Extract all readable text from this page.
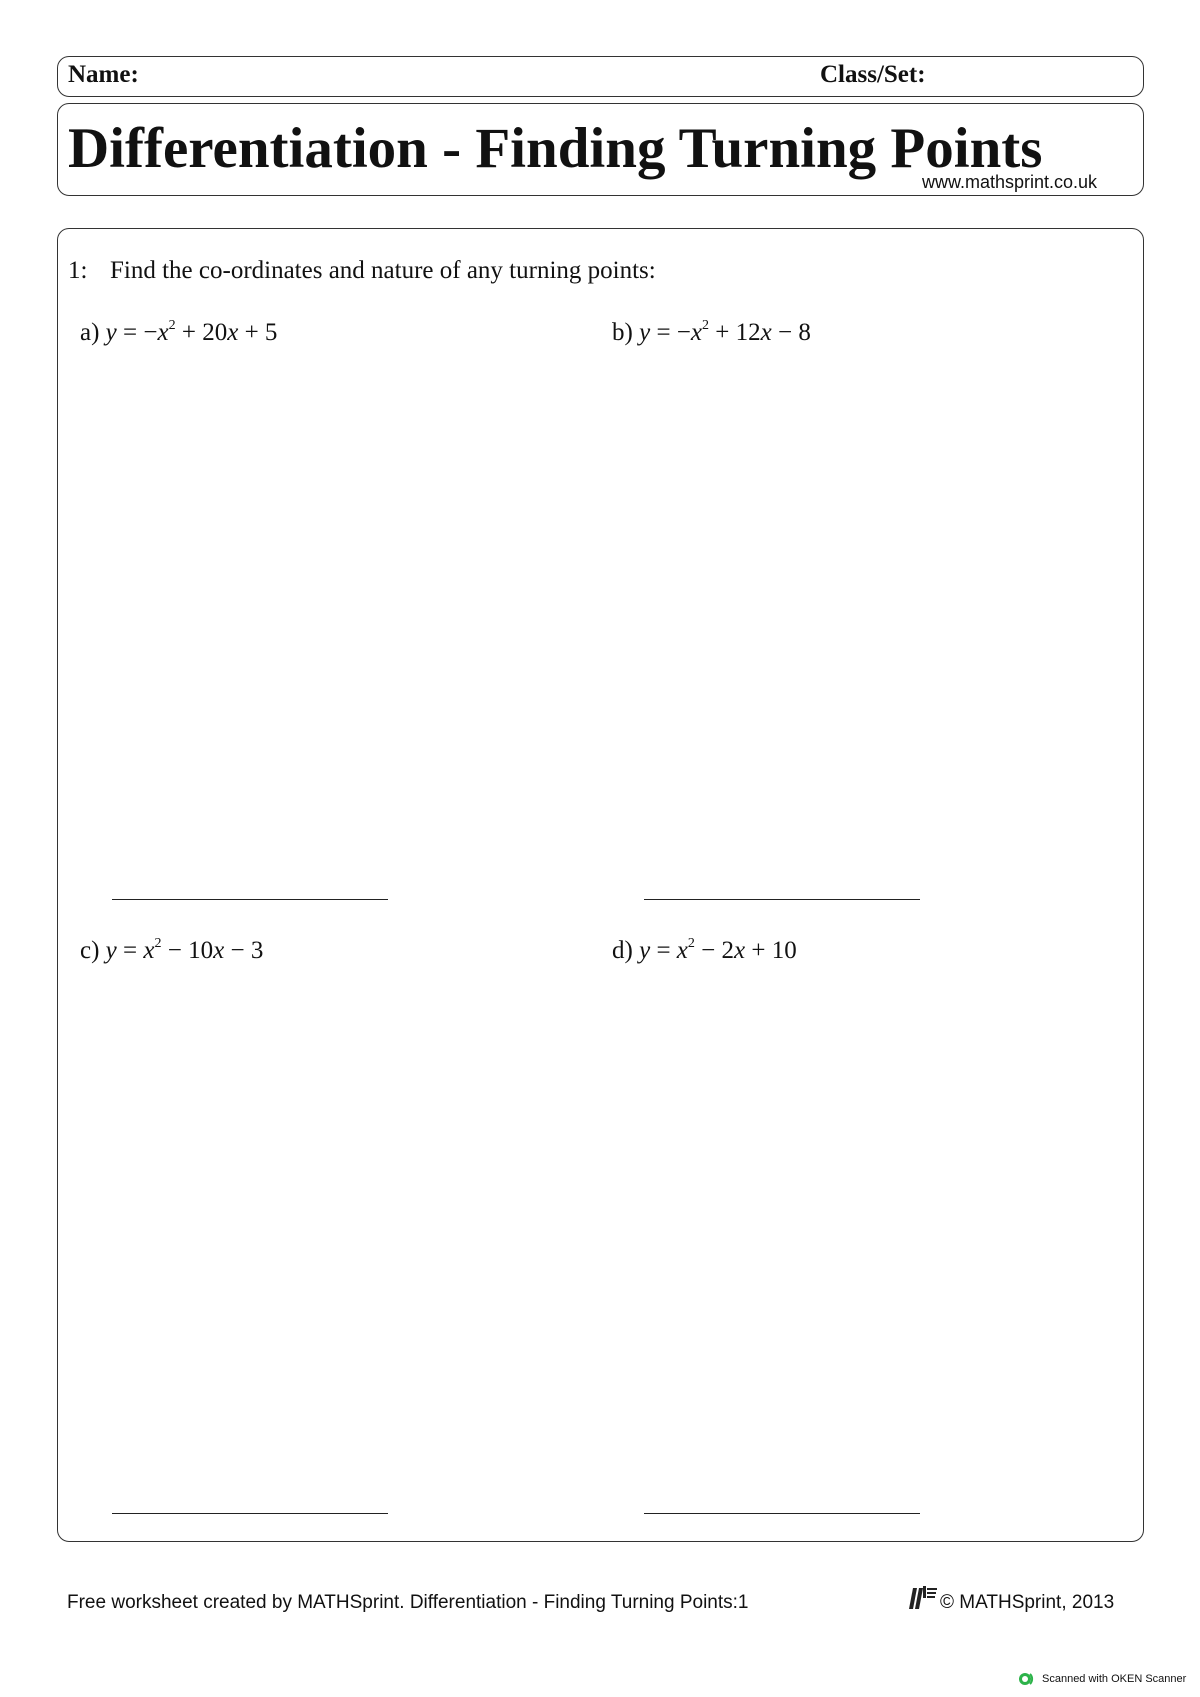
Name:	Class/Set:
Differentiation - Finding Turning Points
www.mathsprint.co.uk
1: Find the co-ordinates and nature of any turning points:
a) $y = -x^2 + 20x + 5$	b) $y = -x^2 + 12x - 8$
c) $y = x^2 - 10x - 3$	d) $y = x^2 - 2x + 10$
Free worksheet created by MATHSprint. Differentiation - Finding Turning Points:1	© MATHSprint, 2013
Scanned with OKEN Scanner
